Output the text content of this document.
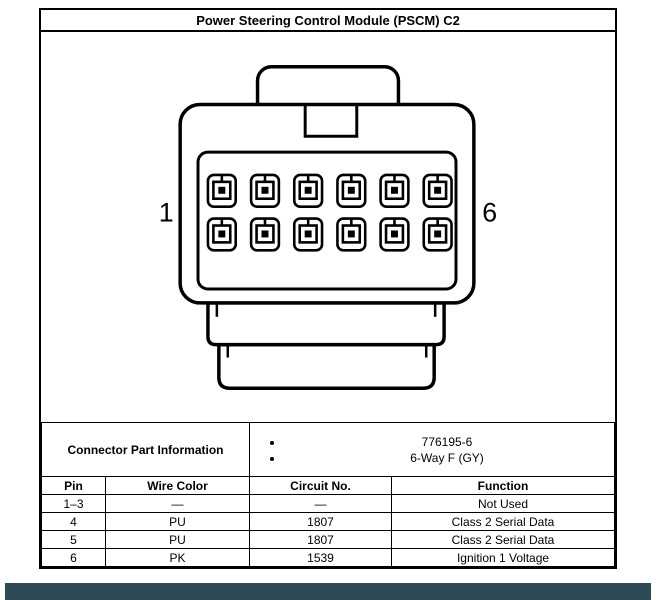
Power Steering Control Module (PSCM) C2
1	6
Connector Part Information	
• 776195-6
• 6-Way F (GY)

Pin	Wire Color	Circuit No.	Function
1–3	—	—	Not Used
4	PU	1807	Class 2 Serial Data
5	PU	1807	Class 2 Serial Data
6	PK	1539	Ignition 1 Voltage
